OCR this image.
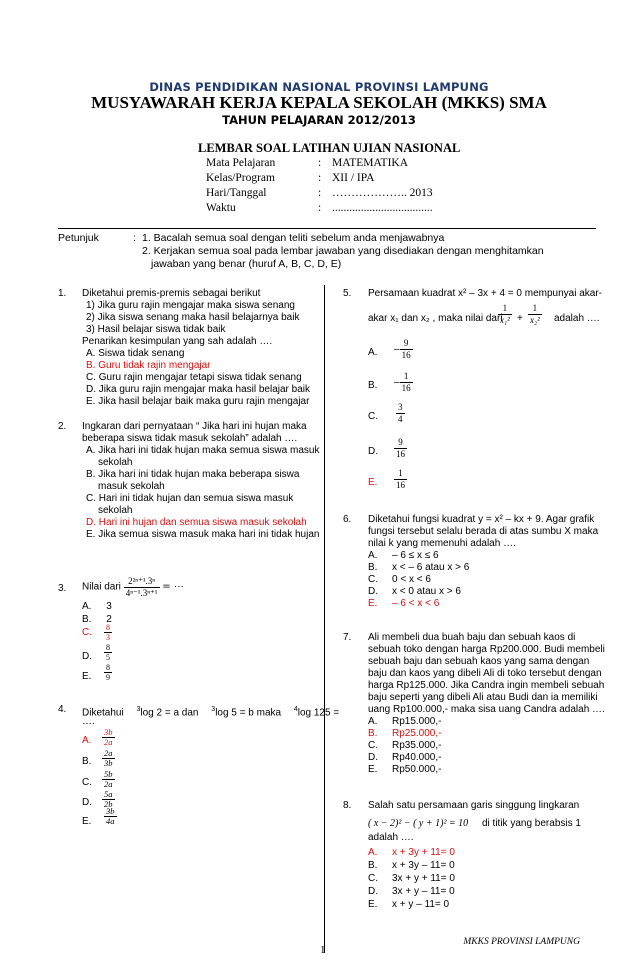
DINAS PENDIDIKAN NASIONAL PROVINSI LAMPUNG
MUSYAWARAH KERJA KEPALA SEKOLAH (MKKS) SMA
TAHUN PELAJARAN 2012/2013
LEMBAR SOAL LATIHAN UJIAN NASIONAL
Mata Pelajaran	: MATEMATIKA
Kelas/Program	: XII / IPA
Hari/Tanggal	: ……………….. 2013
Waktu	: ...................................
Petunjuk	: 1. Bacalah semua soal dengan teliti sebelum anda menjawabnya
2. Kerjakan semua soal pada lembar jawaban yang disediakan dengan menghitamkan
jawaban yang benar (huruf A, B, C, D, E)
1. Diketahui premis-premis sebagai berikut
1) Jika guru rajin mengajar maka siswa senang
2) Jika siswa senang maka hasil belajarnya baik
3) Hasil belajar siswa tidak baik
Penarikan kesimpulan yang sah adalah ….
A. Siswa tidak senang
B. Guru tidak rajin mengajar
C. Guru rajin mengajar tetapi siswa tidak senang
D. Jika guru rajin mengajar maka hasil belajar baik
E. Jika hasil belajar baik maka guru rajin mengajar
2. Ingkaran dari pernyataan “ Jika hari ini hujan maka
beberapa siswa tidak masuk sekolah” adalah ….
A. Jika hari ini tidak hujan maka semua siswa masuk
sekolah
B. Jika hari ini tidak hujan maka beberapa siswa
masuk sekolah
C. Hari ini tidak hujan dan semua siswa masuk
sekolah
D. Hari ini hujan dan semua siswa masuk sekolah
E. Jika semua siswa masuk maka hari ini tidak hujan
3. Nilai dari $\frac{\text{2²ⁿ⁺¹.3ⁿ}}{\text{4ⁿ⁻¹.3ⁿ⁺¹}}$ = ⋯
A. 3
B. 2
C. $\frac{8}{3}$
D. $\frac{8}{5}$
E. $\frac{8}{9}$
4. Diketahui $^3$log 2 = a dan $^3$log 5 = b maka $^4$log 125 =
….
A. $\frac{3b}{2a}$
B. $\frac{2a}{3b}$
C. $\frac{5b}{2a}$
D. $\frac{5a}{2b}$
E. $\frac{3b}{4a}$
5. Persamaan kuadrat x² – 3x + 4 = 0 mempunyai akar-
akar x₁ dan x₂ , maka nilai dari
$\frac{1}{\text{x₁²}} + \frac{1}{\text{x₂²}}$ adalah ….
A. – $\frac{9}{16}$
B. – $\frac{1}{16}$
C. $\frac{3}{4}$
D. $\frac{9}{16}$
E. $\frac{1}{16}$
6. Diketahui fungsi kuadrat y = x² – kx + 9. Agar grafik
fungsi tersebut selalu berada di atas sumbu X maka
nilai k yang memenuhi adalah ….
A. – 6 ≤ x ≤ 6
B. x < – 6 atau x > 6
C. 0 < x < 6
D. x < 0 atau x > 6
E. – 6 < x < 6
7. Ali membeli dua buah baju dan sebuah kaos di
sebuah toko dengan harga Rp200.000. Budi membeli
sebuah baju dan sebuah kaos yang sama dengan
baju dan kaos yang dibeli Ali di toko tersebut dengan
harga Rp125.000. Jika Candra ingin membeli sebuah
baju seperti yang dibeli Ali atau Budi dan ia memiliki
uang Rp100.000,- maka sisa uang Candra adalah ….
A. Rp15.000,-
B. Rp25.000,-
C. Rp35.000,-
D. Rp40.000,-
E. Rp50.000,-
8. Salah satu persamaan garis singgung lingkaran
( x − 2)² − ( y + 1)² = 10 di titik yang berabsis 1
adalah ….
A. x + 3y + 11= 0
B. x + 3y – 11= 0
C. 3x + y + 11= 0
D. 3x + y – 11= 0
E. x + y – 11= 0
1
MKKS PROVINSI LAMPUNG
